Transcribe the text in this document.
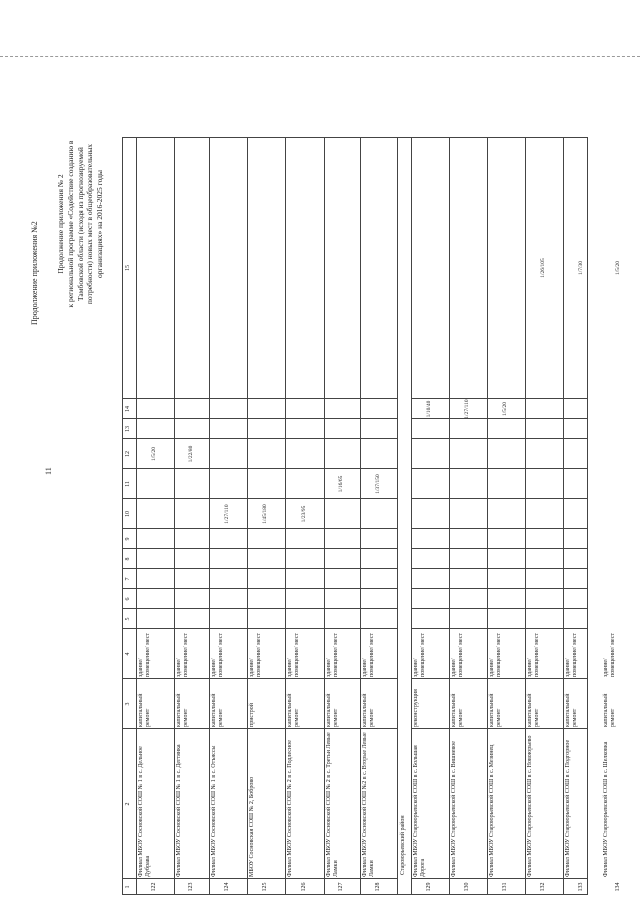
11
Продолжение приложения №2 Продолжение приложения № 2 к региональной программе «Содействие созданию в Тамбовской области (исходя из прогнозируемой потребности) новых мест в общеобразовательных организациях» на 2016-2025 годы
1
2
3
4
5
6
7
8
9
10
11
12
13
14
15
Староюрьевский район
122
Филиал МБОУ Сосновской СОШ № 1 в с. Дельное Дубрава
капитальный ремонт
здание/ помещение/ мест
1/5/20
123
Филиал МБОУ Сосновской СОШ № 1 в с. Дегтянка
капитальный ремонт
здание/ помещение/ мест
1/22/80
124
Филиал МБОУ Сосновской СОШ № 1 в с. Отъяссы
капитальный ремонт
здание/ помещение/ мест
1/27/110
125
МБОУ Сосновская СОШ № 2, Боброво
пристрой
здание/ помещение/ мест
1/45/180
126
Филиал МБОУ Сосновской СОШ № 2 в с. Подлесное
капитальный ремонт
здание/ помещение/ мест
1/23/95
127
Филиал МБОУ Сосновской СОШ № 2 в с. Третьи Левые Ламки
капитальный ремонт
здание/ помещение/ мест
1/16/65
128
Филиал МБОУ Сосновской СОШ №2 в с. Вторые Левые Ламки
капитальный ремонт
здание/ помещение/ мест
1/37/150
129
Филиал МБОУ Староюрьевской СОШ в с. Большая Дорога
реконструкция
здание/ помещение/ мест
1/10/40
130
Филиал МБОУ Староюрьевской СОШ в с. Вишневое
капитальный ремонт
здание/ помещение/ мест
1/27/110
131
Филиал МБОУ Староюрьевской СОШ в с. Мезинец
капитальный ремонт
здание/ помещение/ мест
1/5/20
132
Филиал МБОУ Староюрьевской СОШ в с. Новоюрьево
капитальный ремонт
здание/ помещение/ мест
1/26/105
133
Филиал МБОУ Староюрьевской СОШ в с. Подгорное
капитальный ремонт
здание/ помещение/ мест
1/7/30
134
Филиал МБОУ Староюрьевской СОШ в с. Шелковка
капитальный ремонт
здание/ помещение/ мест
1/5/20
